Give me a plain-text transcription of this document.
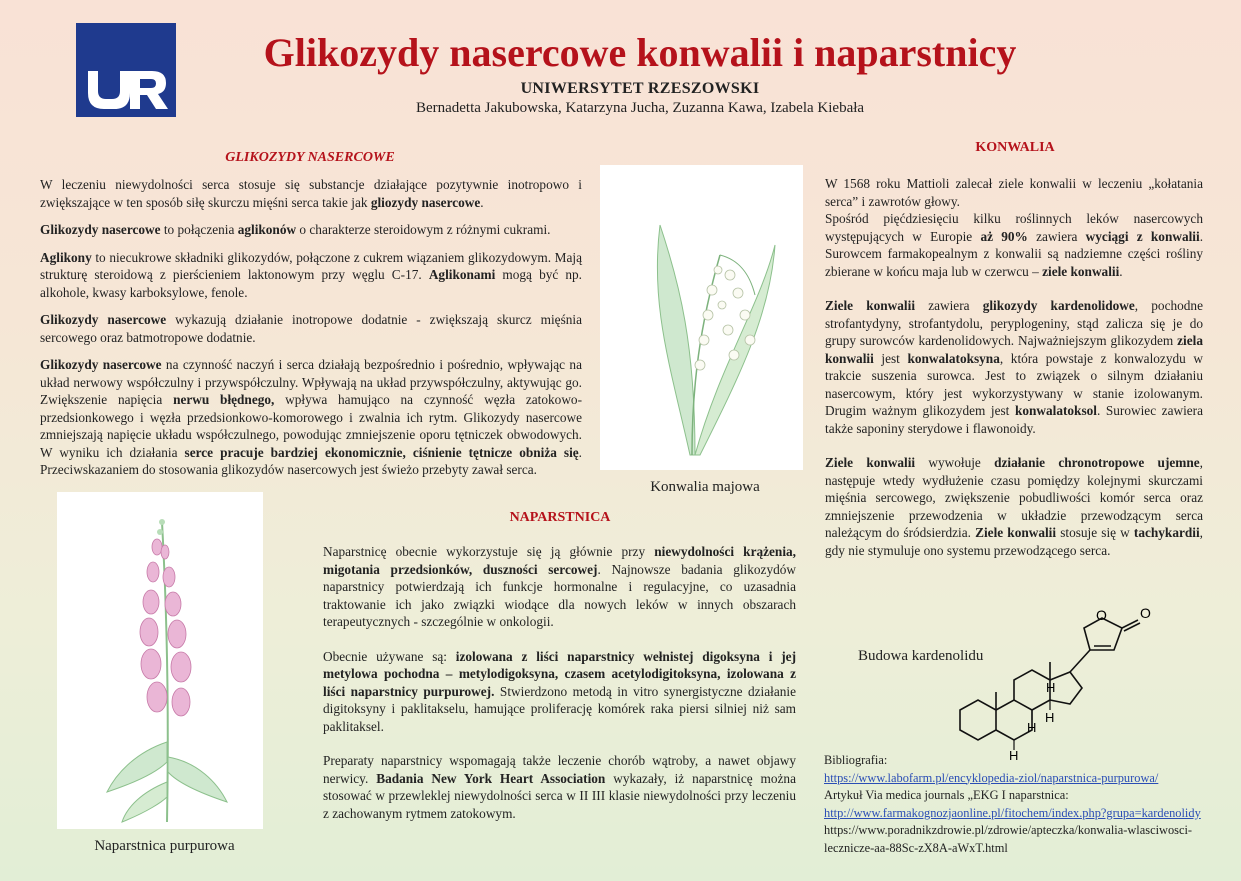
UR	Glikozydy nasercowe konwalii i naparstnicy
UNIWERSYTET RZESZOWSKI
Bernadetta Jakubowska, Katarzyna Jucha, Zuzanna Kawa, Izabela Kiebała
GLIKOZYDY NASERCOWE

W leczeniu niewydolności serca stosuje się substancje działające pozytywnie inotropowo i zwiększające w ten sposób siłę skurczu mięśni serca takie jak gliozydy nasercowe.

Glikozydy nasercowe to połączenia aglikonów o charakterze steroidowym z różnymi cukrami.

Aglikony to niecukrowe składniki glikozydów, połączone z cukrem wiązaniem glikozydowym. Mają strukturę steroidową z pierścieniem laktonowym przy węglu C-17. Aglikonami mogą być np. alkohole, kwasy karboksylowe, fenole.

Glikozydy nasercowe wykazują działanie inotropowe dodatnie - zwiększają skurcz mięśnia sercowego oraz batmotropowe dodatnie.

Glikozydy nasercowe na czynność naczyń i serca działają bezpośrednio i pośrednio, wpływając na układ nerwowy współczulny i przywspółczulny. Wpływają na układ przywspółczulny, aktywując go. Zwiększenie napięcia nerwu błędnego, wpływa hamująco na czynność węzła zatokowo-przedsionkowego i węzła przedsionkowo-komorowego i zwalnia ich rytm. Glikozydy nasercowe zmniejszają napięcie układu współczulnego, powodując zmniejszenie oporu tętniczek obwodowych. W wyniku ich działania serce pracuje bardziej ekonomicznie, ciśnienie tętnicze obniża się. Przeciwskazaniem do stosowania glikozydów nasercowych jest świeżo przebyty zawał serca.

Konwalia majowa
Naparstnica purpurowa
NAPARSTNICA

Naparstnicę obecnie wykorzystuje się ją głównie przy niewydolności krążenia, migotania przedsionków, duszności sercowej. Najnowsze badania glikozydów naparstnicy potwierdzają ich funkcje hormonalne i regulacyjne, co uzasadnia traktowanie ich jako związki wiodące dla nowych leków w innych obszarach terapeutycznych - szczególnie w onkologii.

Obecnie używane są: izolowana z liści naparstnicy wełnistej digoksyna i jej metylowa pochodna – metylodigoksyna, czasem acetylodigitoksyna, izolowana z liści naparstnicy purpurowej. Stwierdzono metodą in vitro synergistyczne działanie digitoksyny i paklitakselu, hamujące proliferację komórek raka piersi silniej niż sam paklitaksel.

Preparaty naparstnicy wspomagają także leczenie chorób wątroby, a nawet objawy nerwicy. Badania New York Heart Association wykazały, iż naparstnicę można stosować w przewleklej niewydolności serca w II III klasie niewydolności przy leczeniu z zachowanym rytmem zatokowym.

KONWALIA

W 1568 roku Mattioli zalecał ziele konwalii w leczeniu „kołatania serca” i zawrotów głowy.
Spośród pięćdziesięciu kilku roślinnych leków nasercowych występujących w Europie aż 90% zawiera wyciągi z konwalii. Surowcem farmakopealnym z konwalii są nadziemne części rośliny zbierane w końcu maja lub w czerwcu – ziele konwalii.

Ziele konwalii zawiera glikozydy kardenolidowe, pochodne strofantydyny, strofantydolu, peryplogeniny, stąd zalicza się je do grupy surowców kardenolidowych. Najważniejszym glikozydem ziela konwalii jest konwalatoksyna, która powstaje z konwalozydu w trakcie suszenia surowca. Jest to związek o silnym działaniu nasercowym, który jest wykorzystywany w stanie izolowanym. Drugim ważnym glikozydem jest konwalatoksol. Surowiec zawiera także saponiny sterydowe i flawonoidy.

Ziele konwalii wywołuje działanie chronotropowe ujemne, następuje wtedy wydłużenie czasu pomiędzy kolejnymi skurczami mięśnia sercowego, zwiększenie pobudliwości komór serca oraz zmniejszenie przewodzenia w układzie przewodzącym serca należącym do śródsierdzia. Ziele konwalii stosuje się w tachykardii, gdy nie stymuluje ono systemu przewodzącego serca.

Budowa kardenolidu
O O
H
H
H
H
Bibliografia:
https://www.labofarm.pl/encyklopedia-ziol/naparstnica-purpurowa/
Artykuł Via medica journals „EKG I naparstnica:
http://www.farmakognozjaonline.pl/fitochem/index.php?grupa=kardenolidy
https://www.poradnikzdrowie.pl/zdrowie/apteczka/konwalia-wlasciwosci-lecznicze-aa-88Sc-zX8A-aWxT.html
